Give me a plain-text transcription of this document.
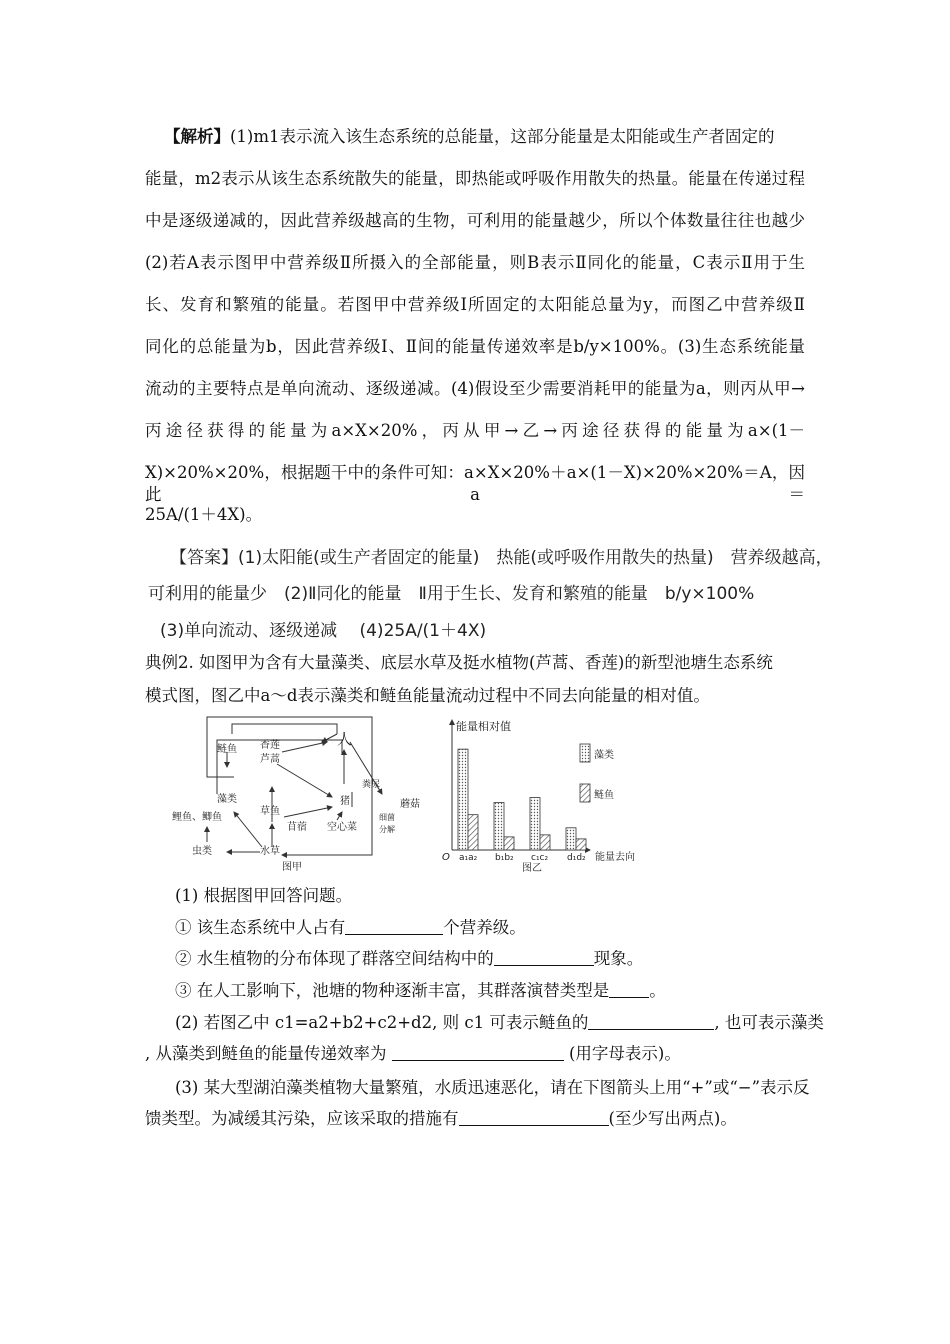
【解析】(1)m1表示流入该生态系统的总能量，这部分能量是太阳能或生产者固定的
能量，m2表示从该生态系统散失的能量，即热能或呼吸作用散失的热量。能量在传递过程
中是逐级递减的，因此营养级越高的生物，可利用的能量越少，所以个体数量往往也越少
(2)若A表示图甲中营养级Ⅱ所摄入的全部能量，则B表示Ⅱ同化的能量，C表示Ⅱ用于生
长、发育和繁殖的能量。若图甲中营养级Ⅰ所固定的太阳能总量为y，而图乙中营养级Ⅱ
同化的总能量为b，因此营养级Ⅰ、Ⅱ间的能量传递效率是b/y×100%。(3)生态系统能量
流动的主要特点是单向流动、逐级递减。(4)假设至少需要消耗甲的能量为a，则丙从甲→
丙途径获得的能量为a×X×20%，丙从甲→乙→丙途径获得的能量为a×(1－
X)×20%×20%，根据题干中的条件可知：a×X×20%＋a×(1－X)×20%×20%＝A，因此a＝
25A/(1＋4X)。
【答案】(1)太阳能(或生产者固定的能量)　热能(或呼吸作用散失的热量)　营养级越高，
可利用的能量少　(2)Ⅱ同化的能量　Ⅱ用于生长、发育和繁殖的能量　b/y×100%
(3)单向流动、逐级递减　 (4)25A/(1＋4X)
典例2. 如图甲为含有大量藻类、底层水草及挺水植物(芦蒿、香莲)的新型池塘生态系统
模式图，图乙中a～d表示藻类和鲢鱼能量流动过程中不同去向能量的相对值。
人
鲢鱼 香莲
芦蒿
藻类
粪尿
蘑菇
鲤鱼、鲫鱼
草鱼
猪
苜蓿 空心菜
细菌
分解
虫类	水草
图甲
能量相对值
能量去向
O
图乙
a₁a₂ b₁b₂ c₁c₂ d₁d₂
藻类
鲢鱼
(1) 根据图甲回答问题。
① 该生态系统中人占有	个营养级。
② 水生植物的分布体现了群落空间结构中的	现象。
③ 在人工影响下，池塘的物种逐渐丰富，其群落演替类型是 。
(2) 若图乙中 c1=a2+b2+c2+d2, 则 c1 可表示鲢鱼的	, 也可表示藻类
, 从藻类到鲢鱼的能量传递效率为	(用字母表示)。
(3) 某大型湖泊藻类植物大量繁殖，水质迅速恶化，请在下图箭头上用“+”或“−”表示反
馈类型。为减缓其污染，应该采取的措施有	(至少写出两点)。
